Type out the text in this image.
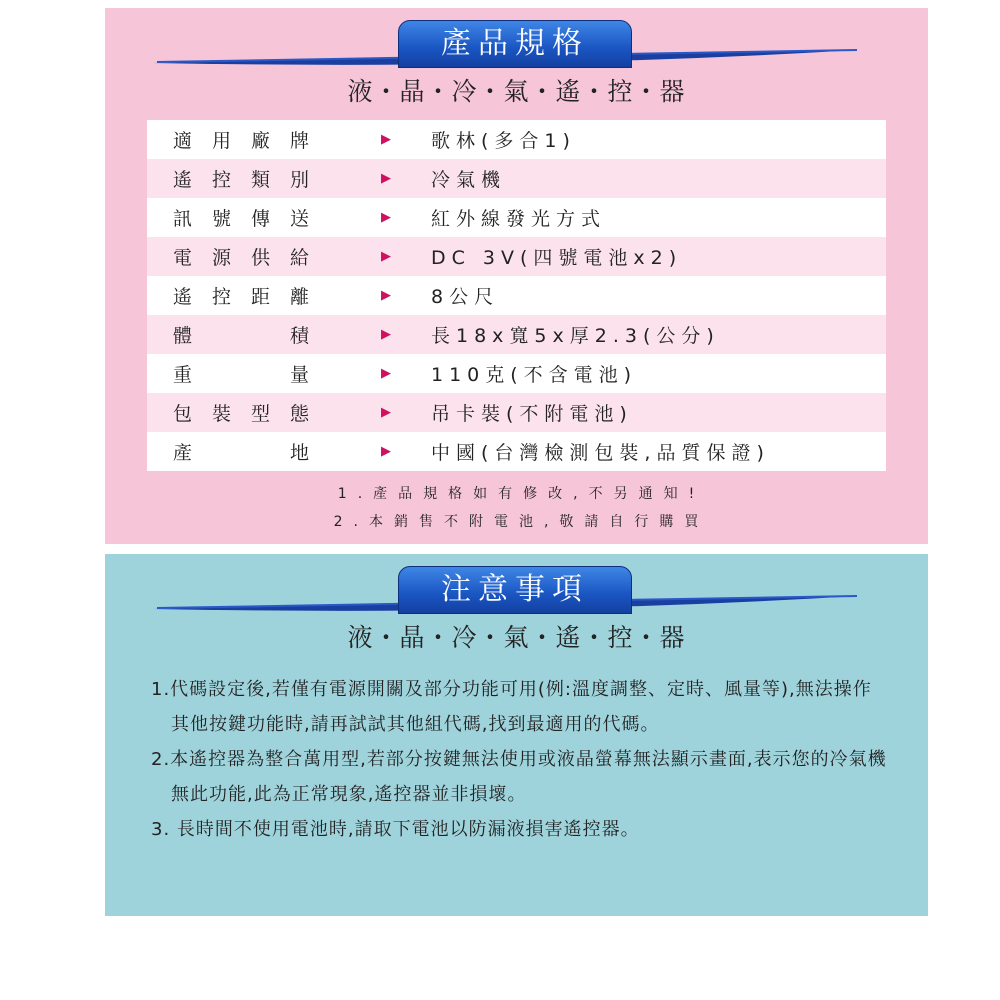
產品規格
液・晶・冷・氣・遙・控・器
適 用 廠 牌	▶	歌林(多合1)
遙 控 類 別	▶	冷氣機
訊 號 傳 送	▶	紅外線發光方式
電 源 供 給	▶	DC 3V(四號電池x2)
遙 控 距 離	▶	8公尺
體	積	▶	長18x寬5x厚2.3(公分)
重	量	▶	110克(不含電池)
包 裝 型 態	▶	吊卡裝(不附電池)
產	地	▶	中國(台灣檢測包裝,品質保證)
1.產品規格如有修改,不另通知!
2.本銷售不附電池,敬請自行購買
注意事項
液・晶・冷・氣・遙・控・器

1.代碼設定後,若僅有電源開關及部分功能可用(例:溫度調整、定時、風量等),無法操作其他按鍵功能時,請再試試其他組代碼,找到最適用的代碼。

2.本遙控器為整合萬用型,若部分按鍵無法使用或液晶螢幕無法顯示畫面,表示您的冷氣機無此功能,此為正常現象,遙控器並非損壞。

3. 長時間不使用電池時,請取下電池以防漏液損害遙控器。
